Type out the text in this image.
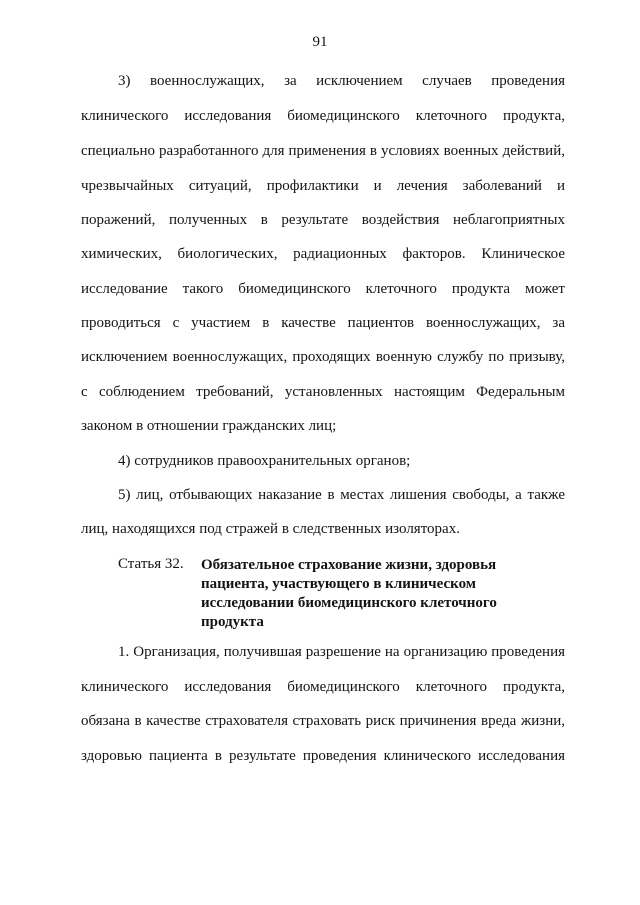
91
3) военнослужащих, за исключением случаев проведения
клинического исследования биомедицинского клеточного продукта,
специально разработанного для применения в условиях военных действий,
чрезвычайных ситуаций, профилактики и лечения заболеваний и
поражений, полученных в результате воздействия неблагоприятных
химических, биологических, радиационных факторов. Клиническое
исследование такого биомедицинского клеточного продукта может
проводиться с участием в качестве пациентов военнослужащих, за
исключением военнослужащих, проходящих военную службу по призыву,
с соблюдением требований, установленных настоящим Федеральным
законом в отношении гражданских лиц;
4) сотрудников правоохранительных органов;
5) лиц, отбывающих наказание в местах лишения свободы, а также
лиц, находящихся под стражей в следственных изоляторах.
Статья 32. Обязательное страхование жизни, здоровья
пациента, участвующего в клиническом
исследовании биомедицинского клеточного
продукта
1. Организация, получившая разрешение на организацию проведения
клинического исследования биомедицинского клеточного продукта,
обязана в качестве страхователя страховать риск причинения вреда жизни,
здоровью пациента в результате проведения клинического исследования
